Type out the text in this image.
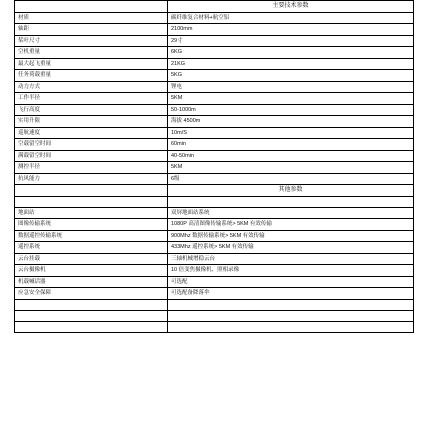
	主要技术参数
材质	碳纤维复合材料+航空铝
轴距	2100mm
桨叶尺寸	29寸
空机重量	6KG
最大起飞重量	21KG
任务荷载重量	5KG
动力方式	锂电
工作半径	5KM
飞行高度	50-1000m
实用升限	海拔 4500m
巡航速度	10m/S
空载留空时间	60min
满载留空时间	40-50min
测控半径	5KM
抗风能力	6级
	其他参数

地面站	双屏地面站系统
图像传输系统	1080P 高清图像传输系统> 5KM 有效传输
数据遥控传输系统	900Mhz 数据传输系统> 5KM 有效传输
遥控系统	433Mhz 遥控系统> 5KM 有效传输
云台挂载	三轴机械增稳云台
云台摄像机	10 倍变焦摄像机、照相录像
机载喊话器	可选配
应急安全保障	可选配备降落伞
